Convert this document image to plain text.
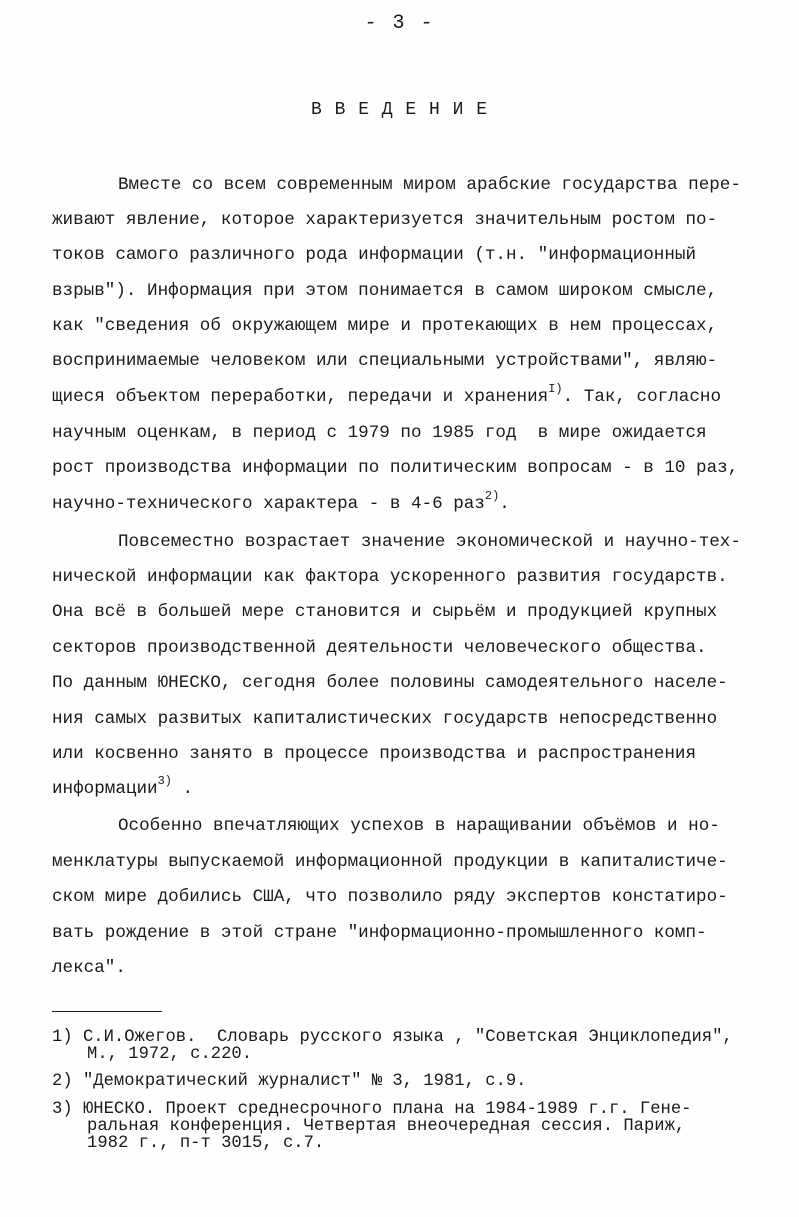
- 3 -
В В Е Д Е Н И Е
Вместе со всем современным миром арабские государства пере-
живают явление, которое характеризуется значительным ростом по-
токов самого различного рода информации (т.н. "информационный
взрыв"). Информация при этом понимается в самом широком смысле,
как "сведения об окружающем мире и протекающих в нем процессах,
воспринимаемые человеком или специальными устройствами", являю-
щиеся объектом переработки, передачи и хранения$^{I)}$. Так, согласно
научным оценкам, в период с 1979 по 1985 год  в мире ожидается
рост производства информации по политическим вопросам - в 10 раз,
научно-технического характера - в 4-6 раз$^{2)}$.
Повсеместно возрастает значение экономической и научно-тех-
нической информации как фактора ускоренного развития государств.
Она всё в большей мере становится и сырьём и продукцией крупных
секторов производственной деятельности человеческого общества.
По данным ЮНЕСКО, сегодня более половины самодеятельного населе-
ния самых развитых капиталистических государств непосредственно
или косвенно занято в процессе производства и распространения
информации$^{3)}$ .
Особенно впечатляющих успехов в наращивании объёмов и но-
менклатуры выпускаемой информационной продукции в капиталистиче-
ском мире добились США, что позволило ряду экспертов констатиро-
вать рождение в этой стране "информационно-промышленного комп-
лекса".
1) С.И.Ожегов.  Словарь русского языка , "Советская Энциклопедия",
М., 1972, с.220.
2) "Демократический журналист" № 3, 1981, с.9.
3) ЮНЕСКО. Проект среднесрочного плана на 1984-1989 г.г. Гене-
ральная конференция. Четвертая внеочередная сессия. Париж,
1982 г., п-т 3015, с.7.
